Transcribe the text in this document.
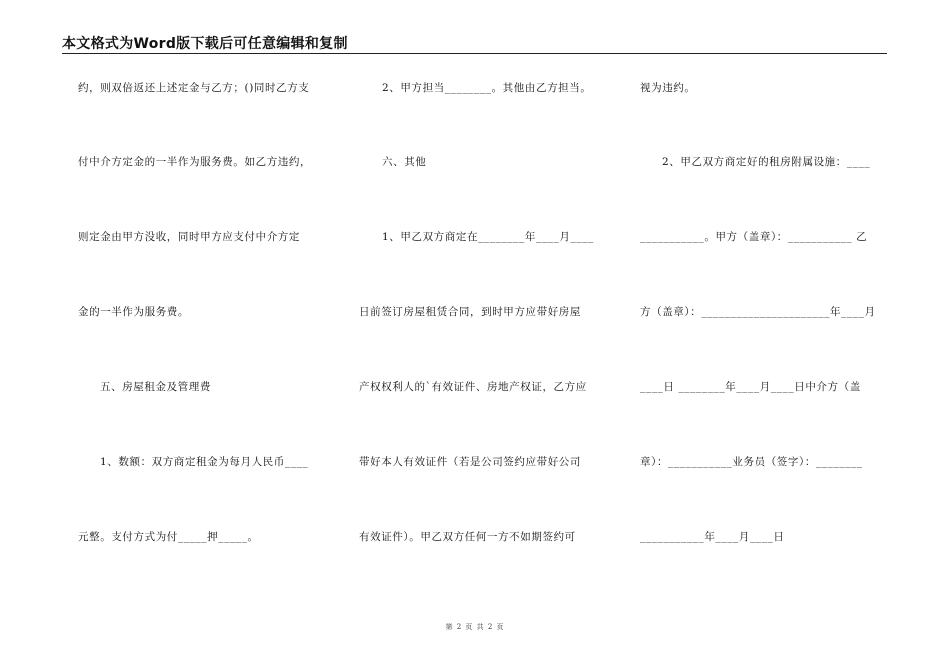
本文格式为Word版下载后可任意编辑和复制
约，则双倍返还上述定金与乙方；()同时乙方支
付中介方定金的一半作为服务费。如乙方违约，
则定金由甲方没收，同时甲方应支付中介方定
金的一半作为服务费。
五、房屋租金及管理费
1、数额：双方商定租金为每月人民币____
元整。支付方式为付_____押_____。
2、甲方担当________。其他由乙方担当。
六、其他
1、甲乙双方商定在________年____月____
日前签订房屋租赁合同，到时甲方应带好房屋
产权权利人的`有效证件、房地产权证，乙方应
带好本人有效证件（若是公司签约应带好公司
有效证件）。甲乙双方任何一方不如期签约可
视为违约。
2、甲乙双方商定好的租房附属设施：____
___________。甲方（盖章）：___________ 乙
方（盖章）：______________________年____月
____日 ________年____月____日中介方（盖
章）：___________业务员（签字）：________
___________年____月____日
第 2 页 共 2 页
